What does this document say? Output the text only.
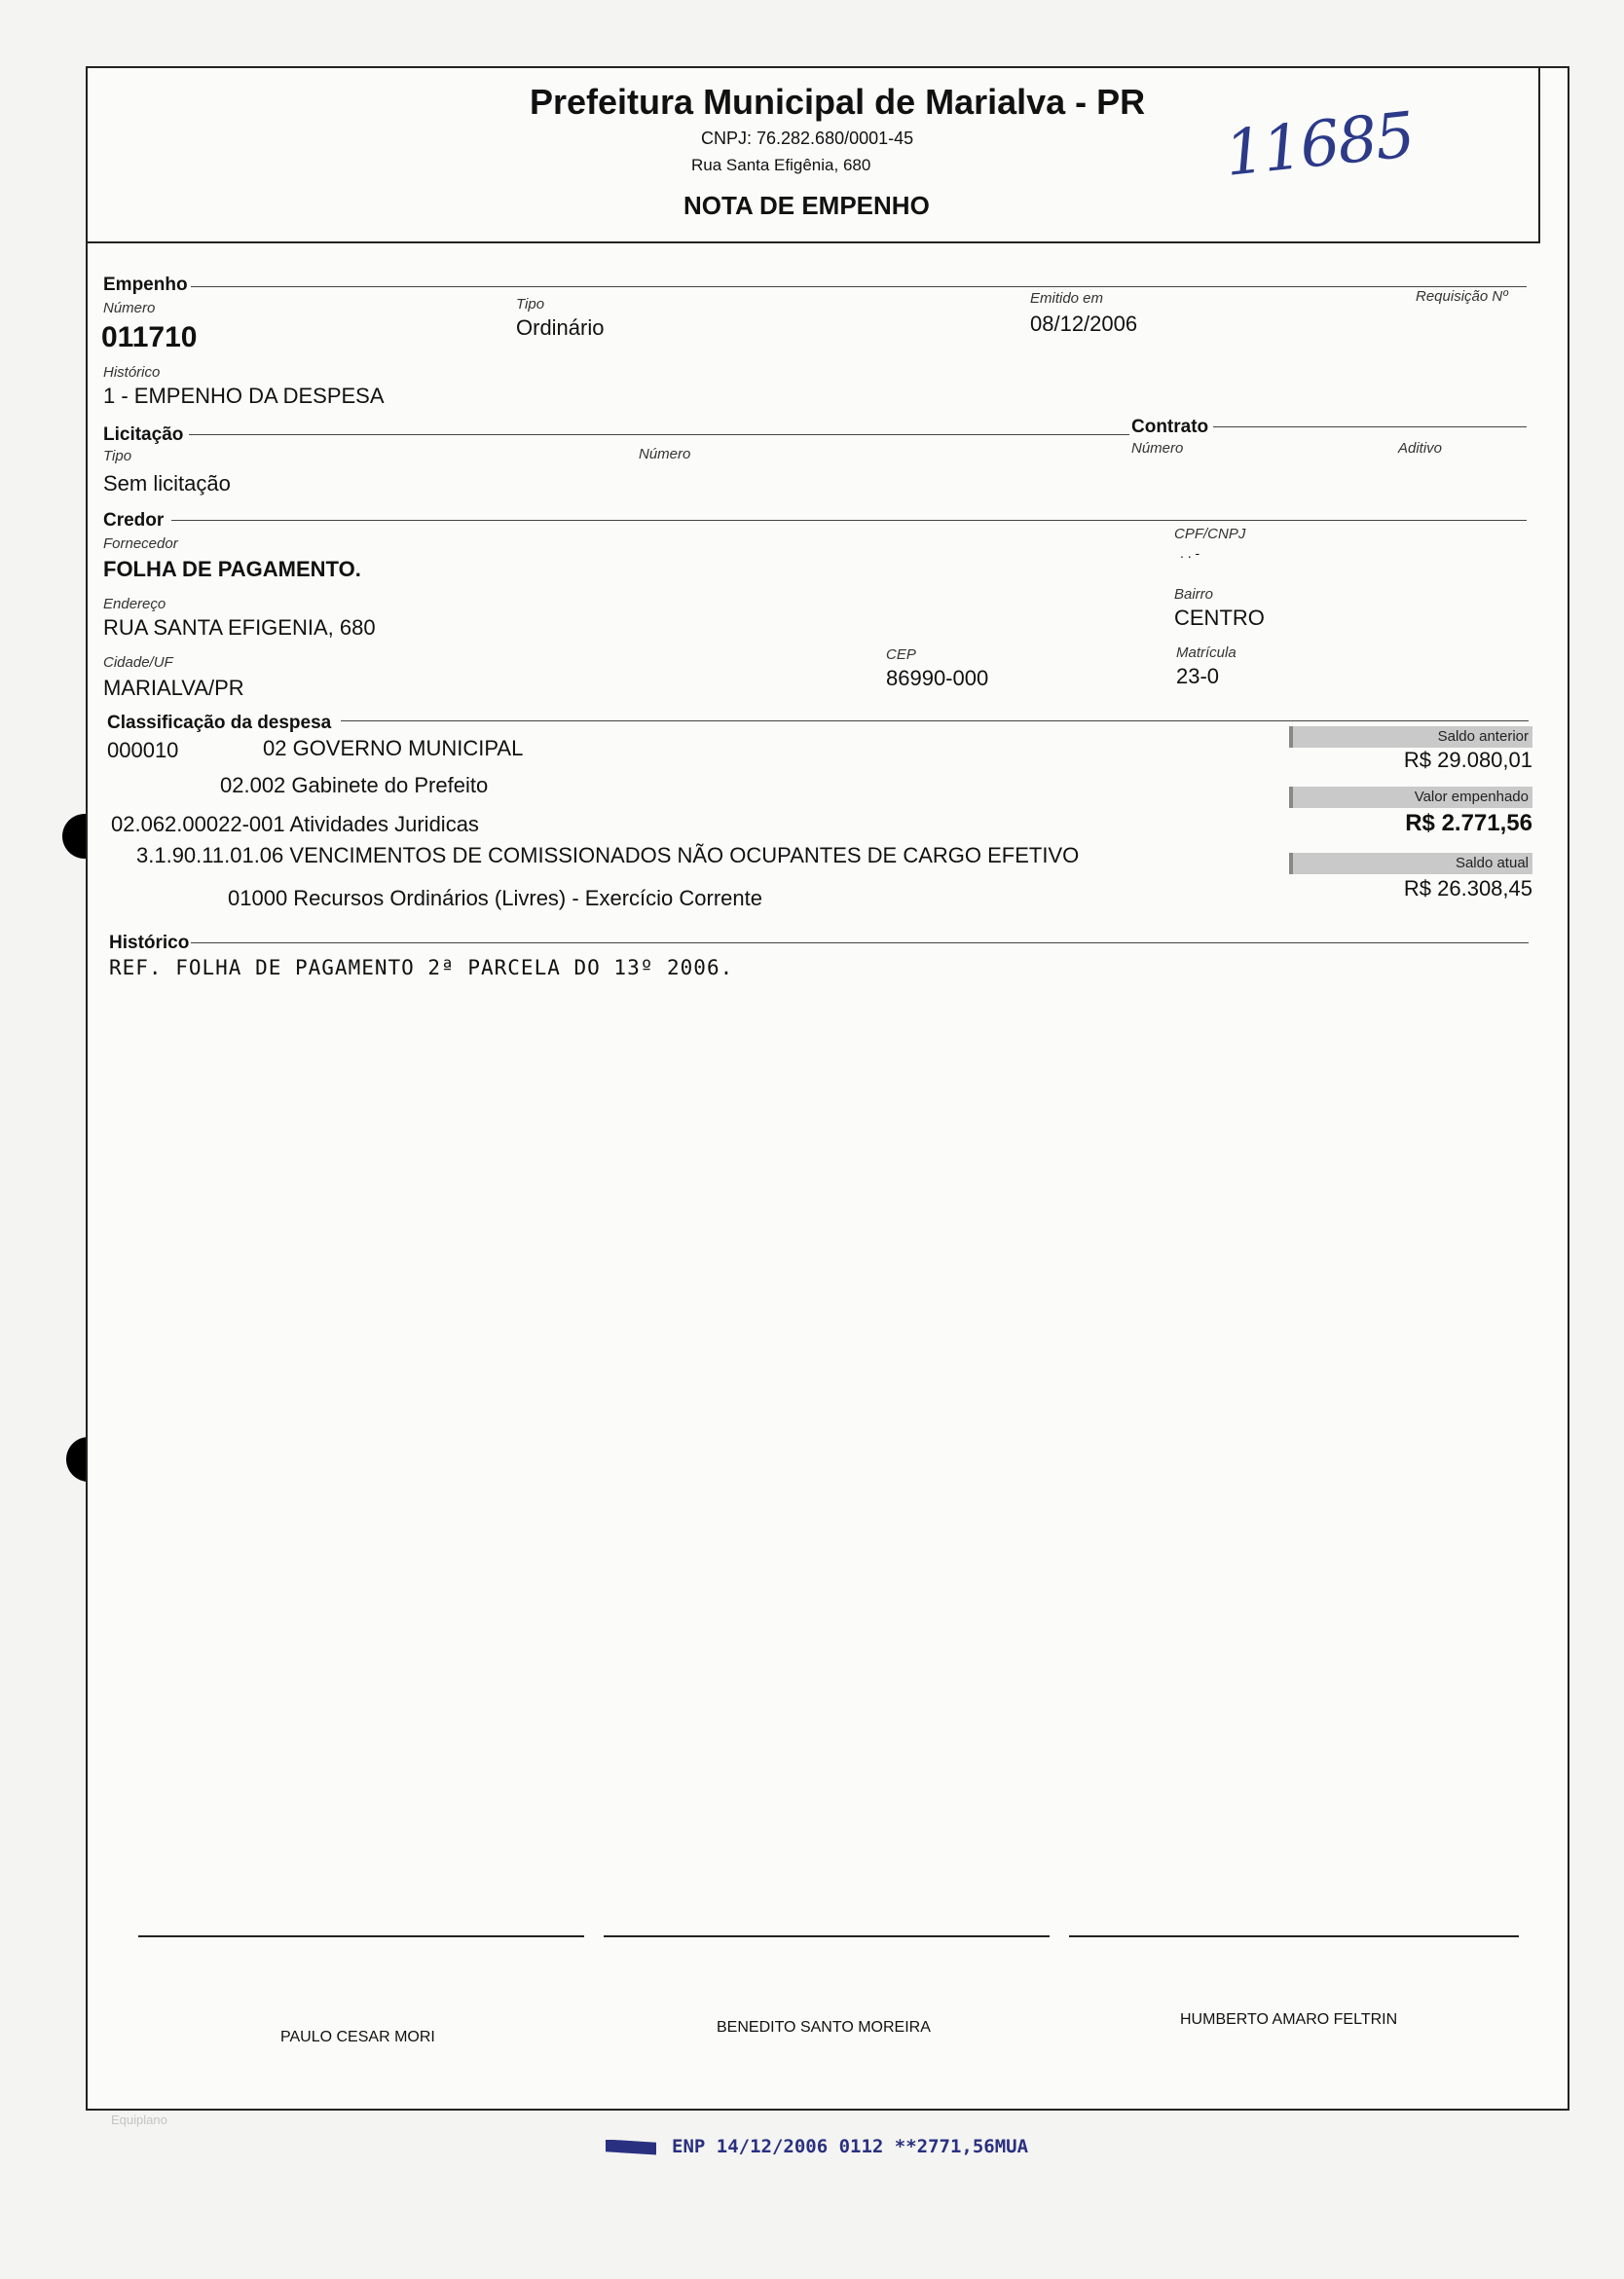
Prefeitura Municipal de Marialva - PR
CNPJ: 76.282.680/0001-45
Rua Santa Efigênia, 680
NOTA DE EMPENHO
11685
Empenho
Número
011710
Tipo
Ordinário
Emitido em
08/12/2006
Requisição Nº
Histórico
1 - EMPENHO DA DESPESA
Licitação
Tipo
Sem licitação
Número
Contrato
Número	Aditivo
Credor
Fornecedor
FOLHA DE PAGAMENTO.
CPF/CNPJ
. . -
Endereço
RUA SANTA EFIGENIA, 680
Bairro
CENTRO
Cidade/UF
MARIALVA/PR
CEP
86990-000
Matrícula
23-0
Classificação da despesa
000010	02 GOVERNO MUNICIPAL
02.002 Gabinete do Prefeito
02.062.00022-001 Atividades Juridicas
3.1.90.11.01.06 VENCIMENTOS DE COMISSIONADOS NÃO OCUPANTES DE CARGO EFETIVO
01000 Recursos Ordinários (Livres) - Exercício Corrente
Saldo anterior
R$ 29.080,01
Valor empenhado
R$ 2.771,56
Saldo atual
R$ 26.308,45
Histórico
REF. FOLHA DE PAGAMENTO 2ª PARCELA DO 13º 2006.
PAULO CESAR MORI
BENEDITO SANTO MOREIRA	HUMBERTO AMARO FELTRIN
Equiplano
ENP 14/12/2006 0112 **2771,56MUA
